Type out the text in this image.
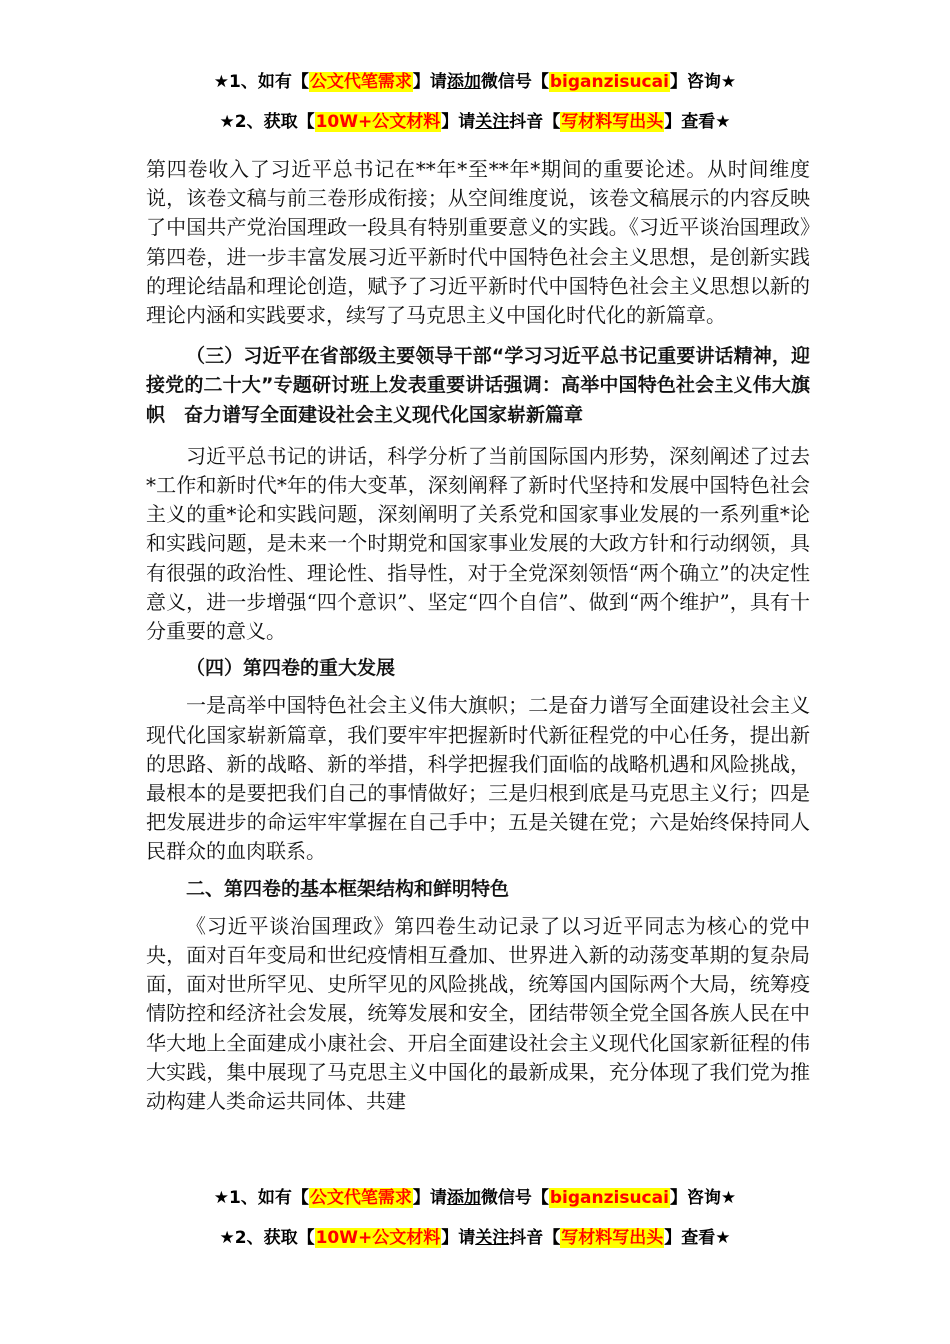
★1、如有【公文代笔需求】请添加微信号【biganzisucai】咨询★
★2、获取【10W+公文材料】请关注抖音【写材料写出头】查看★

第四卷收入了习近平总书记在**年*至**年*期间的重要论述。从时间维度说，该卷文稿与前三卷形成衔接；从空间维度说，该卷文稿展示的内容反映了中国共产党治国理政一段具有特别重要意义的实践。《习近平谈治国理政》第四卷，进一步丰富发展习近平新时代中国特色社会主义思想，是创新实践的理论结晶和理论创造，赋予了习近平新时代中国特色社会主义思想以新的理论内涵和实践要求，续写了马克思主义中国化时代化的新篇章。

（三）习近平在省部级主要领导干部“学习习近平总书记重要讲话精神，迎接党的二十大”专题研讨班上发表重要讲话强调：高举中国特色社会主义伟大旗帜　奋力谱写全面建设社会主义现代化国家崭新篇章

习近平总书记的讲话，科学分析了当前国际国内形势，深刻阐述了过去*工作和新时代*年的伟大变革，深刻阐释了新时代坚持和发展中国特色社会主义的重*论和实践问题，深刻阐明了关系党和国家事业发展的一系列重*论和实践问题，是未来一个时期党和国家事业发展的大政方针和行动纲领，具有很强的政治性、理论性、指导性，对于全党深刻领悟“两个确立”的决定性意义，进一步增强“四个意识”、坚定“四个自信”、做到“两个维护”，具有十分重要的意义。

（四）第四卷的重大发展

一是高举中国特色社会主义伟大旗帜；二是奋力谱写全面建设社会主义现代化国家崭新篇章，我们要牢牢把握新时代新征程党的中心任务，提出新的思路、新的战略、新的举措，科学把握我们面临的战略机遇和风险挑战，最根本的是要把我们自己的事情做好；三是归根到底是马克思主义行；四是把发展进步的命运牢牢掌握在自己手中；五是关键在党；六是始终保持同人民群众的血肉联系。

二、第四卷的基本框架结构和鲜明特色

《习近平谈治国理政》第四卷生动记录了以习近平同志为核心的党中央，面对百年变局和世纪疫情相互叠加、世界进入新的动荡变革期的复杂局面，面对世所罕见、史所罕见的风险挑战，统筹国内国际两个大局，统筹疫情防控和经济社会发展，统筹发展和安全，团结带领全党全国各族人民在中华大地上全面建成小康社会、开启全面建设社会主义现代化国家新征程的伟大实践，集中展现了马克思主义中国化的最新成果，充分体现了我们党为推动构建人类命运共同体、共建

★1、如有【公文代笔需求】请添加微信号【biganzisucai】咨询★
★2、获取【10W+公文材料】请关注抖音【写材料写出头】查看★
